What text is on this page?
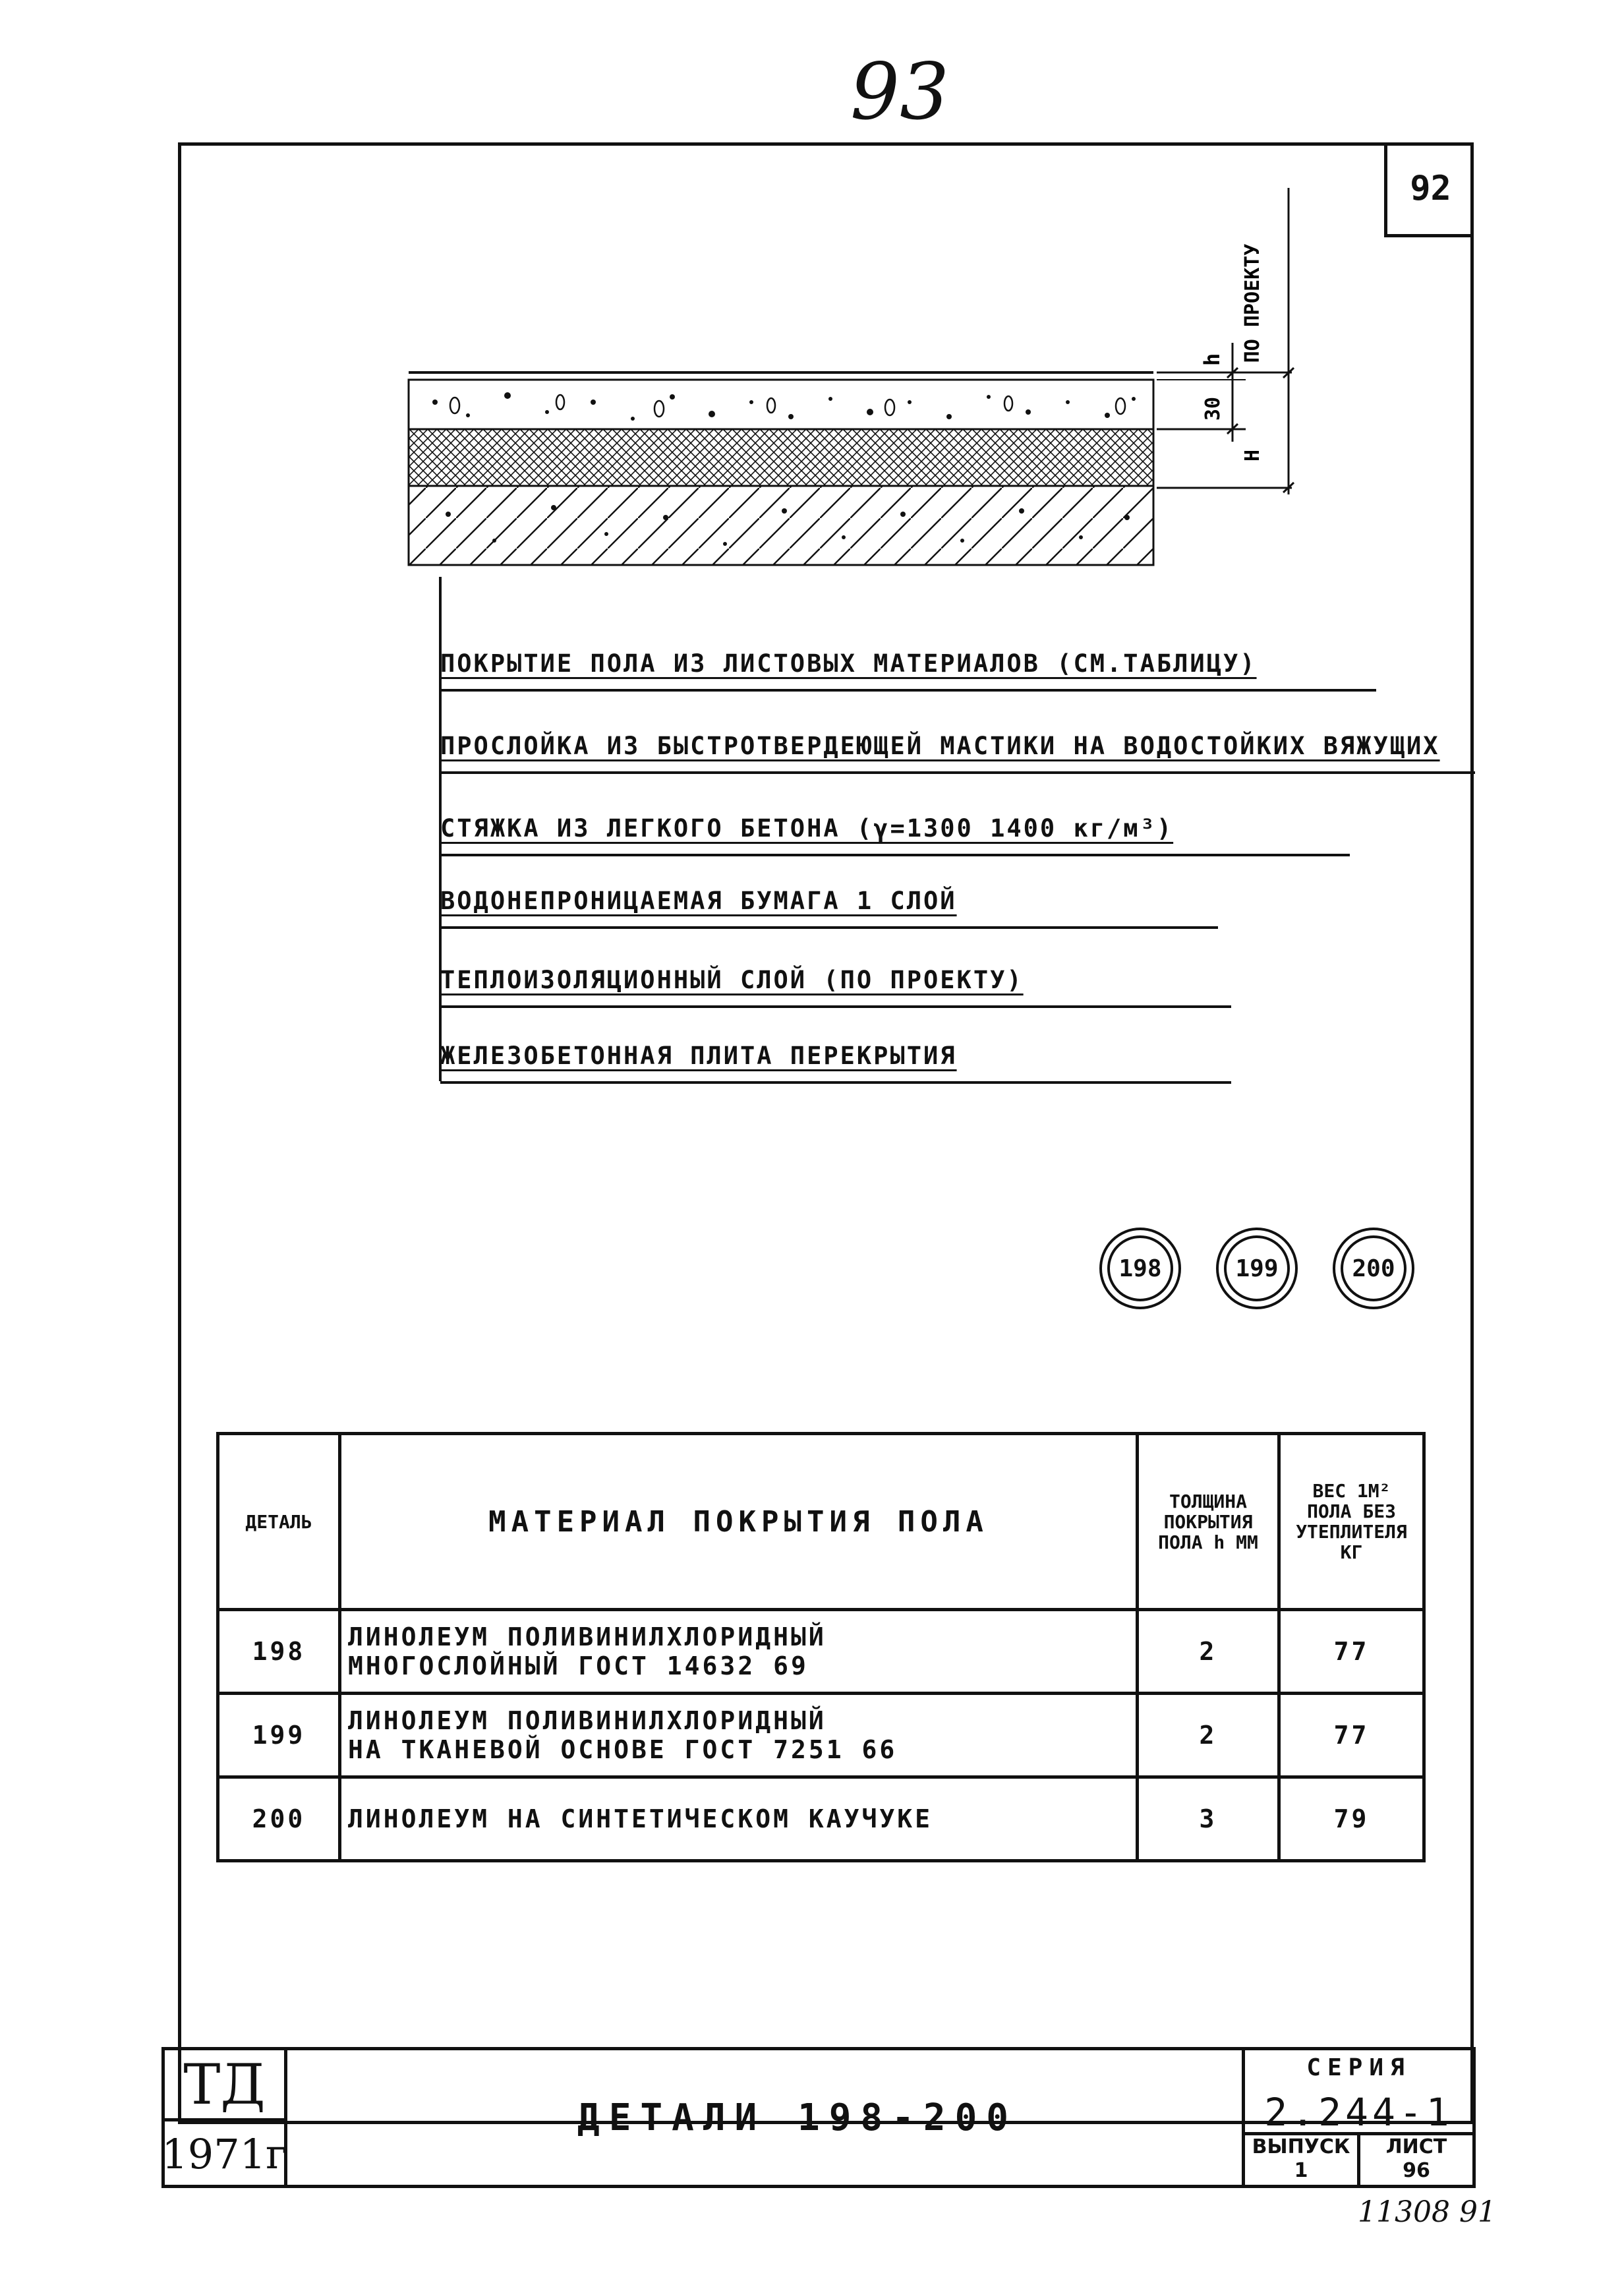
93
92
ПО ПРОЕКТУ
h
30
H
ПОКРЫТИЕ ПОЛА ИЗ ЛИСТОВЫХ МАТЕРИАЛОВ (СМ.ТАБЛИЦУ)
ПРОСЛОЙКА ИЗ БЫСТРОТВЕРДЕЮЩЕЙ МАСТИКИ НА ВОДОСТОЙКИХ ВЯЖУЩИХ
СТЯЖКА ИЗ ЛЕГКОГО БЕТОНА (γ=1300 1400 кг/м³)
ВОДОНЕПРОНИЦАЕМАЯ БУМАГА 1 СЛОЙ
ТЕПЛОИЗОЛЯЦИОННЫЙ СЛОЙ (ПО ПРОЕКТУ)
ЖЕЛЕЗОБЕТОННАЯ ПЛИТА ПЕРЕКРЫТИЯ
198	199	200
ДЕТАЛЬ	МАТЕРИАЛ ПОКРЫТИЯ ПОЛА	ТОЛЩИНА ПОКРЫТИЯ ПОЛА h ММ	ВЕС 1М² ПОЛА БЕЗ УТЕПЛИТЕЛЯ КГ
198	ЛИНОЛЕУМ ПОЛИВИНИЛХЛОРИДНЫЙ
МНОГОСЛОЙНЫЙ ГОСТ 14632 69	2	77
199	ЛИНОЛЕУМ ПОЛИВИНИЛХЛОРИДНЫЙ
НА ТКАНЕВОЙ ОСНОВЕ ГОСТ 7251 66	2	77
200	ЛИНОЛЕУМ НА СИНТЕТИЧЕСКОМ КАУЧУКЕ	3	79
ТД
1971г
ДЕТАЛИ 198-200
СЕРИЯ
2.244-1
ВЫПУСК
1
ЛИСТ
96
11308 91
